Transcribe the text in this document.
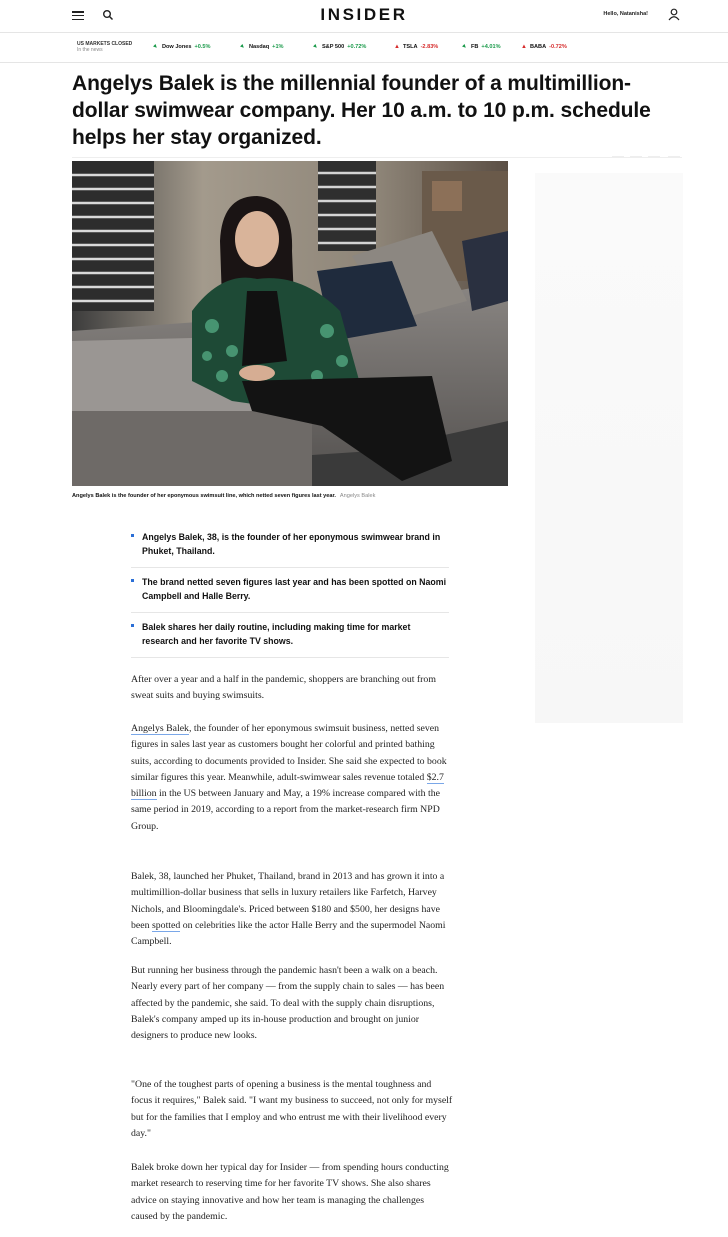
INSIDER	Hello, Natanisha!
US MARKETS CLOSED
In the news	▼ Dow Jones +0.5%	▼ Nasdaq +1%	▼ S&P 500 +0.72%	▲ TSLA -2.83%	▼ FB +4.01%	▲ BABA -0.72%
Angelys Balek is the millennial founder of a multimillion-dollar swimwear company. Her 10 a.m. to 10 p.m. schedule helps her stay organized.
Angelys Balek is the founder of her eponymous swimsuit line, which netted seven figures last year. Angelys Balek

Angelys Balek, 38, is the founder of her eponymous swimwear brand in Phuket, Thailand.

The brand netted seven figures last year and has been spotted on Naomi Campbell and Halle Berry.

Balek shares her daily routine, including making time for market research and her favorite TV shows.

After over a year and a half in the pandemic, shoppers are branching out from sweat suits and buying swimsuits.

Angelys Balek, the founder of her eponymous swimsuit business, netted seven figures in sales last year as customers bought her colorful and printed bathing suits, according to documents provided to Insider. She said she expected to book similar figures this year. Meanwhile, adult-swimwear sales revenue totaled $2.7 billion in the US between January and May, a 19% increase compared with the same period in 2019, according to a report from the market-research firm NPD Group.

Balek, 38, launched her Phuket, Thailand, brand in 2013 and has grown it into a multimillion-dollar business that sells in luxury retailers like Farfetch, Harvey Nichols, and Bloomingdale's. Priced between $180 and $500, her designs have been spotted on celebrities like the actor Halle Berry and the supermodel Naomi Campbell.

But running her business through the pandemic hasn't been a walk on a beach. Nearly every part of her company — from the supply chain to sales — has been affected by the pandemic, she said. To deal with the supply chain disruptions, Balek's company amped up its in-house production and brought on junior designers to produce new looks.

"One of the toughest parts of opening a business is the mental toughness and focus it requires," Balek said. "I want my business to succeed, not only for myself but for the families that I employ and who entrust me with their livelihood every day."

Balek broke down her typical day for Insider — from spending hours conducting market research to reserving time for her favorite TV shows. She also shares advice on staying innovative and how her team is managing the challenges caused by the pandemic.
